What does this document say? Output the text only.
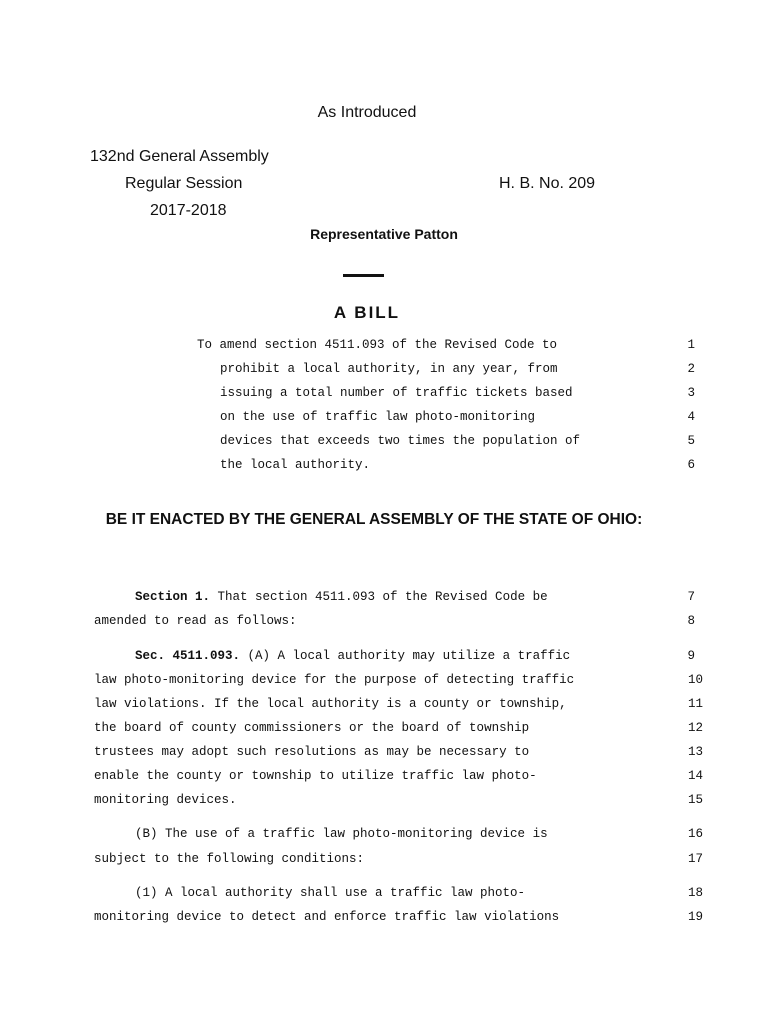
As Introduced
132nd General Assembly
Regular Session	H. B. No. 209
2017-2018
Representative Patton
A BILL
To amend section 4511.093 of the Revised Code to	1
prohibit a local authority, in any year, from	2
issuing a total number of traffic tickets based	3
on the use of traffic law photo-monitoring	4
devices that exceeds two times the population of	5
the local authority.	6
BE IT ENACTED BY THE GENERAL ASSEMBLY OF THE STATE OF OHIO:
Section 1. That section 4511.093 of the Revised Code be	7
amended to read as follows:	8
Sec. 4511.093. (A) A local authority may utilize a traffic	9
law photo-monitoring device for the purpose of detecting traffic	10
law violations. If the local authority is a county or township,	11
the board of county commissioners or the board of township	12
trustees may adopt such resolutions as may be necessary to	13
enable the county or township to utilize traffic law photo-	14
monitoring devices.	15
(B) The use of a traffic law photo-monitoring device is	16
subject to the following conditions:	17
(1) A local authority shall use a traffic law photo-	18
monitoring device to detect and enforce traffic law violations	19
